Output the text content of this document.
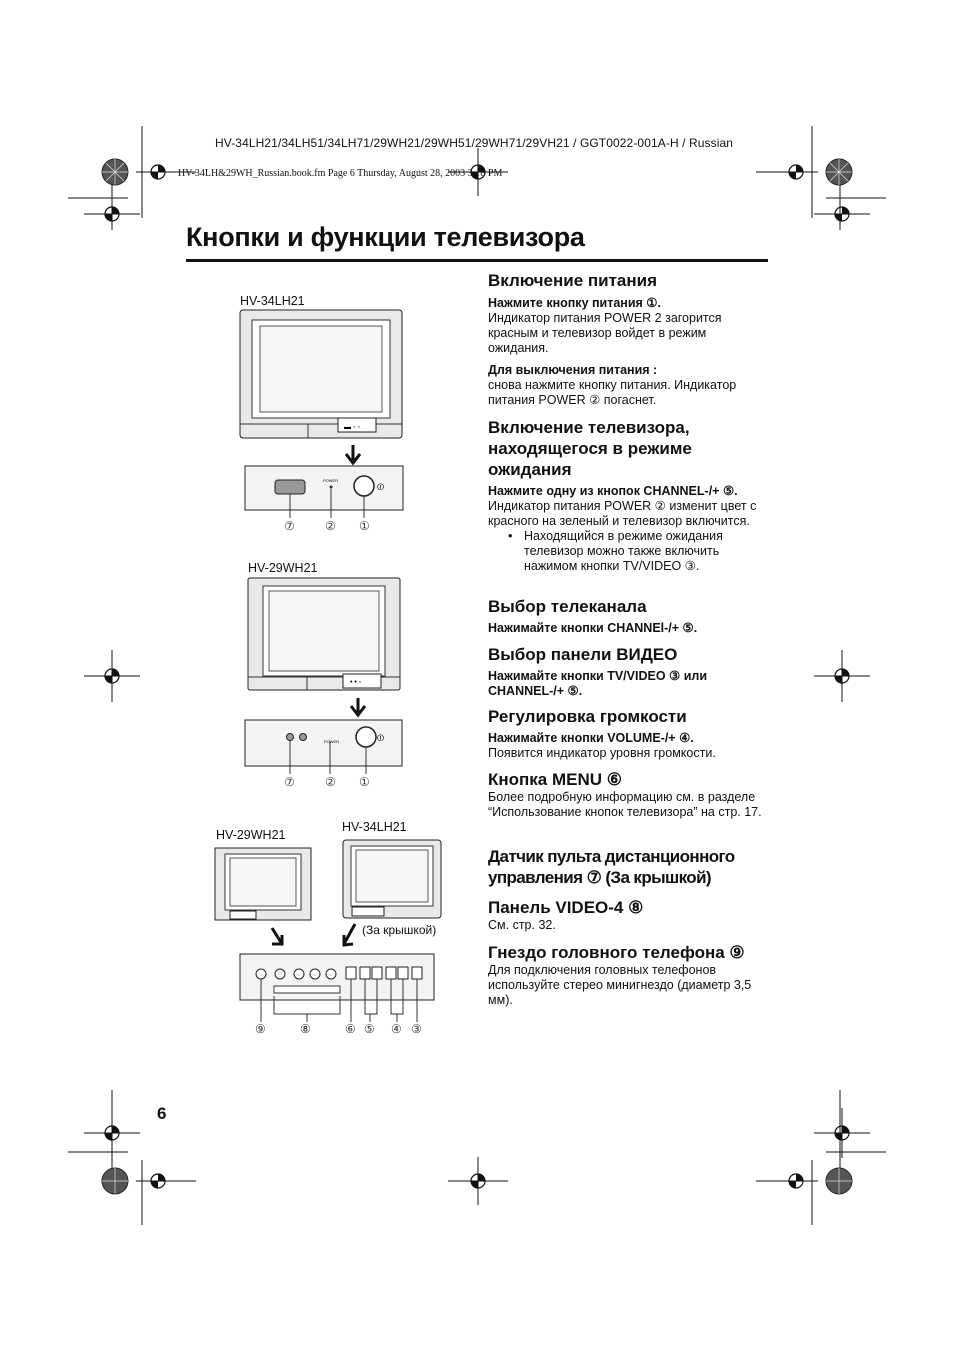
HV-34LH21/34LH51/34LH71/29WH21/29WH51/29WH71/29VH21 / GGT0022-001A-H / Russian
HV-34LH&29WH_Russian.book.fm Page 6 Thursday, August 28, 2003 3:18 PM
Кнопки и функции телевизора
HV-34LH21
▬ ◦ ◦
POWER
⏼
⑦	② ①
HV-29WH21
• • ◦
POWER	⏼
⑦	② ①
HV-29WH21
HV-34LH21
(За крышкой)
⑨	⑧	⑥ ⑤ ④ ③
Включение питания

Нажмите кнопку питания ①.

Индикатор питания POWER 2 загорится красным и телевизор войдет в режим ожидания.

Для выключения питания :

снова нажмите кнопку питания. Индикатор питания POWER ② погаснет.

Включение телевизора, находящегося в режиме ожидания

Нажмите одну из кнопок CHANNEL-/+ ⑤.

Индикатор питания POWER ② изменит цвет с красного на зеленый и телевизор включится.

• Находящийся в режиме ожидания телевизор можно также включить нажимом кнопки TV/VIDEO ③.

Выбор телеканала

Нажимайте кнопки CHANNEl-/+ ⑤.

Выбор панели ВИДЕО

Нажимайте кнопки TV/VIDEO ③ или CHANNEL-/+ ⑤.

Регулировка громкости

Нажимайте кнопки VOLUME-/+ ④.

Появится индикатор уровня громкости.

Кнопка MENU ⑥

Более подробную информацию см. в разделе “Использование кнопок телевизора” на стр. 17.

Датчик пульта дистанционного управления ⑦ (За крышкой)
Панель VIDEO-4 ⑧

См. стр. 32.

Гнездо головного телефона ⑨

Для подключения головных телефонов используйте стерео минигнездо (диаметр 3,5 мм).

6
